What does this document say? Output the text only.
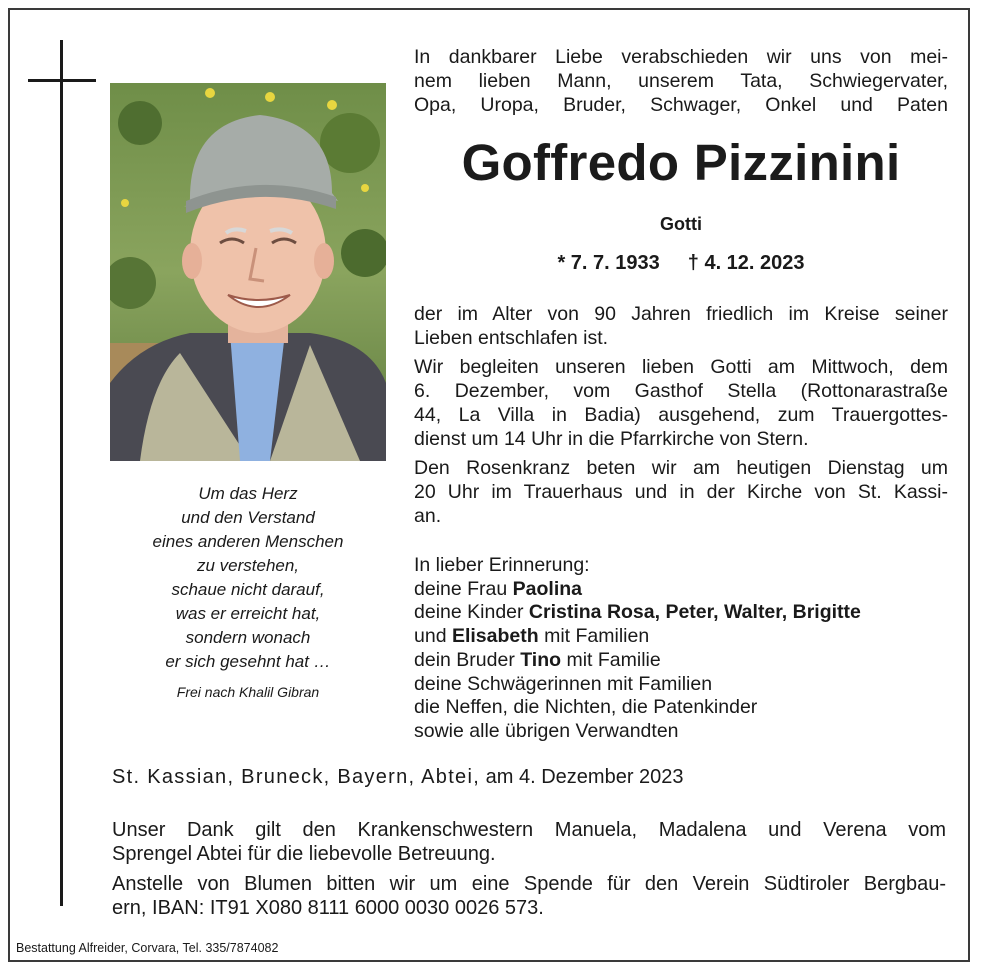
Um das Herz
und den Verstand
eines anderen Menschen
zu verstehen,
schaue nicht darauf,
was er erreicht hat,
sondern wonach
er sich gesehnt hat …
Frei nach Khalil Gibran
In dankbarer Liebe verabschieden wir uns von mei-
nem lieben Mann, unserem Tata, Schwiegervater,
Opa, Uropa, Bruder, Schwager, Onkel und Paten
Goffredo Pizzinini
Gotti
* 7. 7. 1933 † 4. 12. 2023
der im Alter von 90 Jahren friedlich im Kreise seiner
Lieben entschlafen ist.
Wir begleiten unseren lieben Gotti am Mittwoch, dem
6. Dezember, vom Gasthof Stella (Rottonarastraße
44, La Villa in Badia) ausgehend, zum Trauergottes-
dienst um 14 Uhr in die Pfarrkirche von Stern.
Den Rosenkranz beten wir am heutigen Dienstag um
20 Uhr im Trauerhaus und in der Kirche von St. Kassi-
an.
In lieber Erinnerung:
deine Frau Paolina
deine Kinder Cristina Rosa, Peter, Walter, Brigitte
und Elisabeth mit Familien
dein Bruder Tino mit Familie
deine Schwägerinnen mit Familien
die Neffen, die Nichten, die Patenkinder
sowie alle übrigen Verwandten
St. Kassian, Bruneck, Bayern, Abtei, am 4. Dezember 2023
Unser Dank gilt den Krankenschwestern Manuela, Madalena und Verena vom
Sprengel Abtei für die liebevolle Betreuung.
Anstelle von Blumen bitten wir um eine Spende für den Verein Südtiroler Bergbau-
ern, IBAN: IT91 X080 8111 6000 0030 0026 573.
Bestattung Alfreider, Corvara, Tel. 335/7874082
